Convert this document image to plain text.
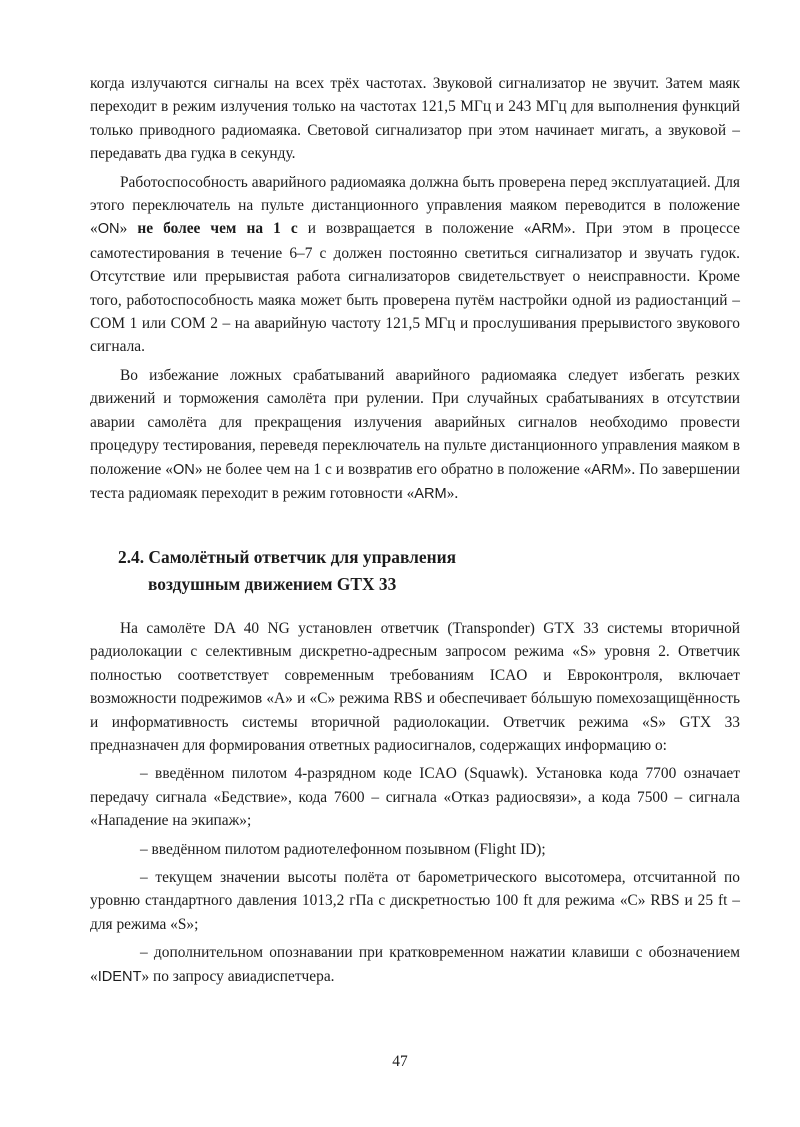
когда излучаются сигналы на всех трёх частотах. Звуковой сигнализатор не звучит. Затем маяк переходит в режим излучения только на частотах 121,5 МГц и 243 МГц для выполнения функций только приводного радиомаяка. Световой сигнализатор при этом начинает мигать, а звуковой – передавать два гудка в секунду.

Работоспособность аварийного радиомаяка должна быть проверена перед эксплуатацией. Для этого переключатель на пульте дистанционного управления маяком переводится в положение «ON» не более чем на 1 с и возвращается в положение «ARM». При этом в процессе самотестирования в течение 6–7 с должен постоянно светиться сигнализатор и звучать гудок. Отсутствие или прерывистая работа сигнализаторов свидетельствует о неисправности. Кроме того, работоспособность маяка может быть проверена путём настройки одной из радиостанций – COM 1 или COM 2 – на аварийную частоту 121,5 МГц и прослушивания прерывистого звукового сигнала.

Во избежание ложных срабатываний аварийного радиомаяка следует избегать резких движений и торможения самолёта при рулении. При случайных срабатываниях в отсутствии аварии самолёта для прекращения излучения аварийных сигналов необходимо провести процедуру тестирования, переведя переключатель на пульте дистанционного управления маяком в положение «ON» не более чем на 1 с и возвратив его обратно в положение «ARM». По завершении теста радиомаяк переходит в режим готовности «ARM».

2.4. Самолётный ответчик для управления
воздушным движением GTX 33

На самолёте DA 40 NG установлен ответчик (Transponder) GTX 33 системы вторичной радиолокации с селективным дискретно-адресным запросом режима «S» уровня 2. Ответчик полностью соответствует современным требованиям ICAO и Евроконтроля, включает возможности подрежимов «A» и «C» режима RBS и обеспечивает бóльшую помехозащищённость и информативность системы вторичной радиолокации. Ответчик режима «S» GTX 33 предназначен для формирования ответных радиосигналов, содержащих информацию о:

– введённом пилотом 4-разрядном коде ICAO (Squawk). Установка кода 7700 означает передачу сигнала «Бедствие», кода 7600 – сигнала «Отказ радиосвязи», а кода 7500 – сигнала «Нападение на экипаж»;

– введённом пилотом радиотелефонном позывном (Flight ID);

– текущем значении высоты полёта от барометрического высотомера, отсчитанной по уровню стандартного давления 1013,2 гПа с дискретностью 100 ft для режима «C» RBS и 25 ft – для режима «S»;

– дополнительном опознавании при кратковременном нажатии клавиши с обозначением «IDENT» по запросу авиадиспетчера.

47
